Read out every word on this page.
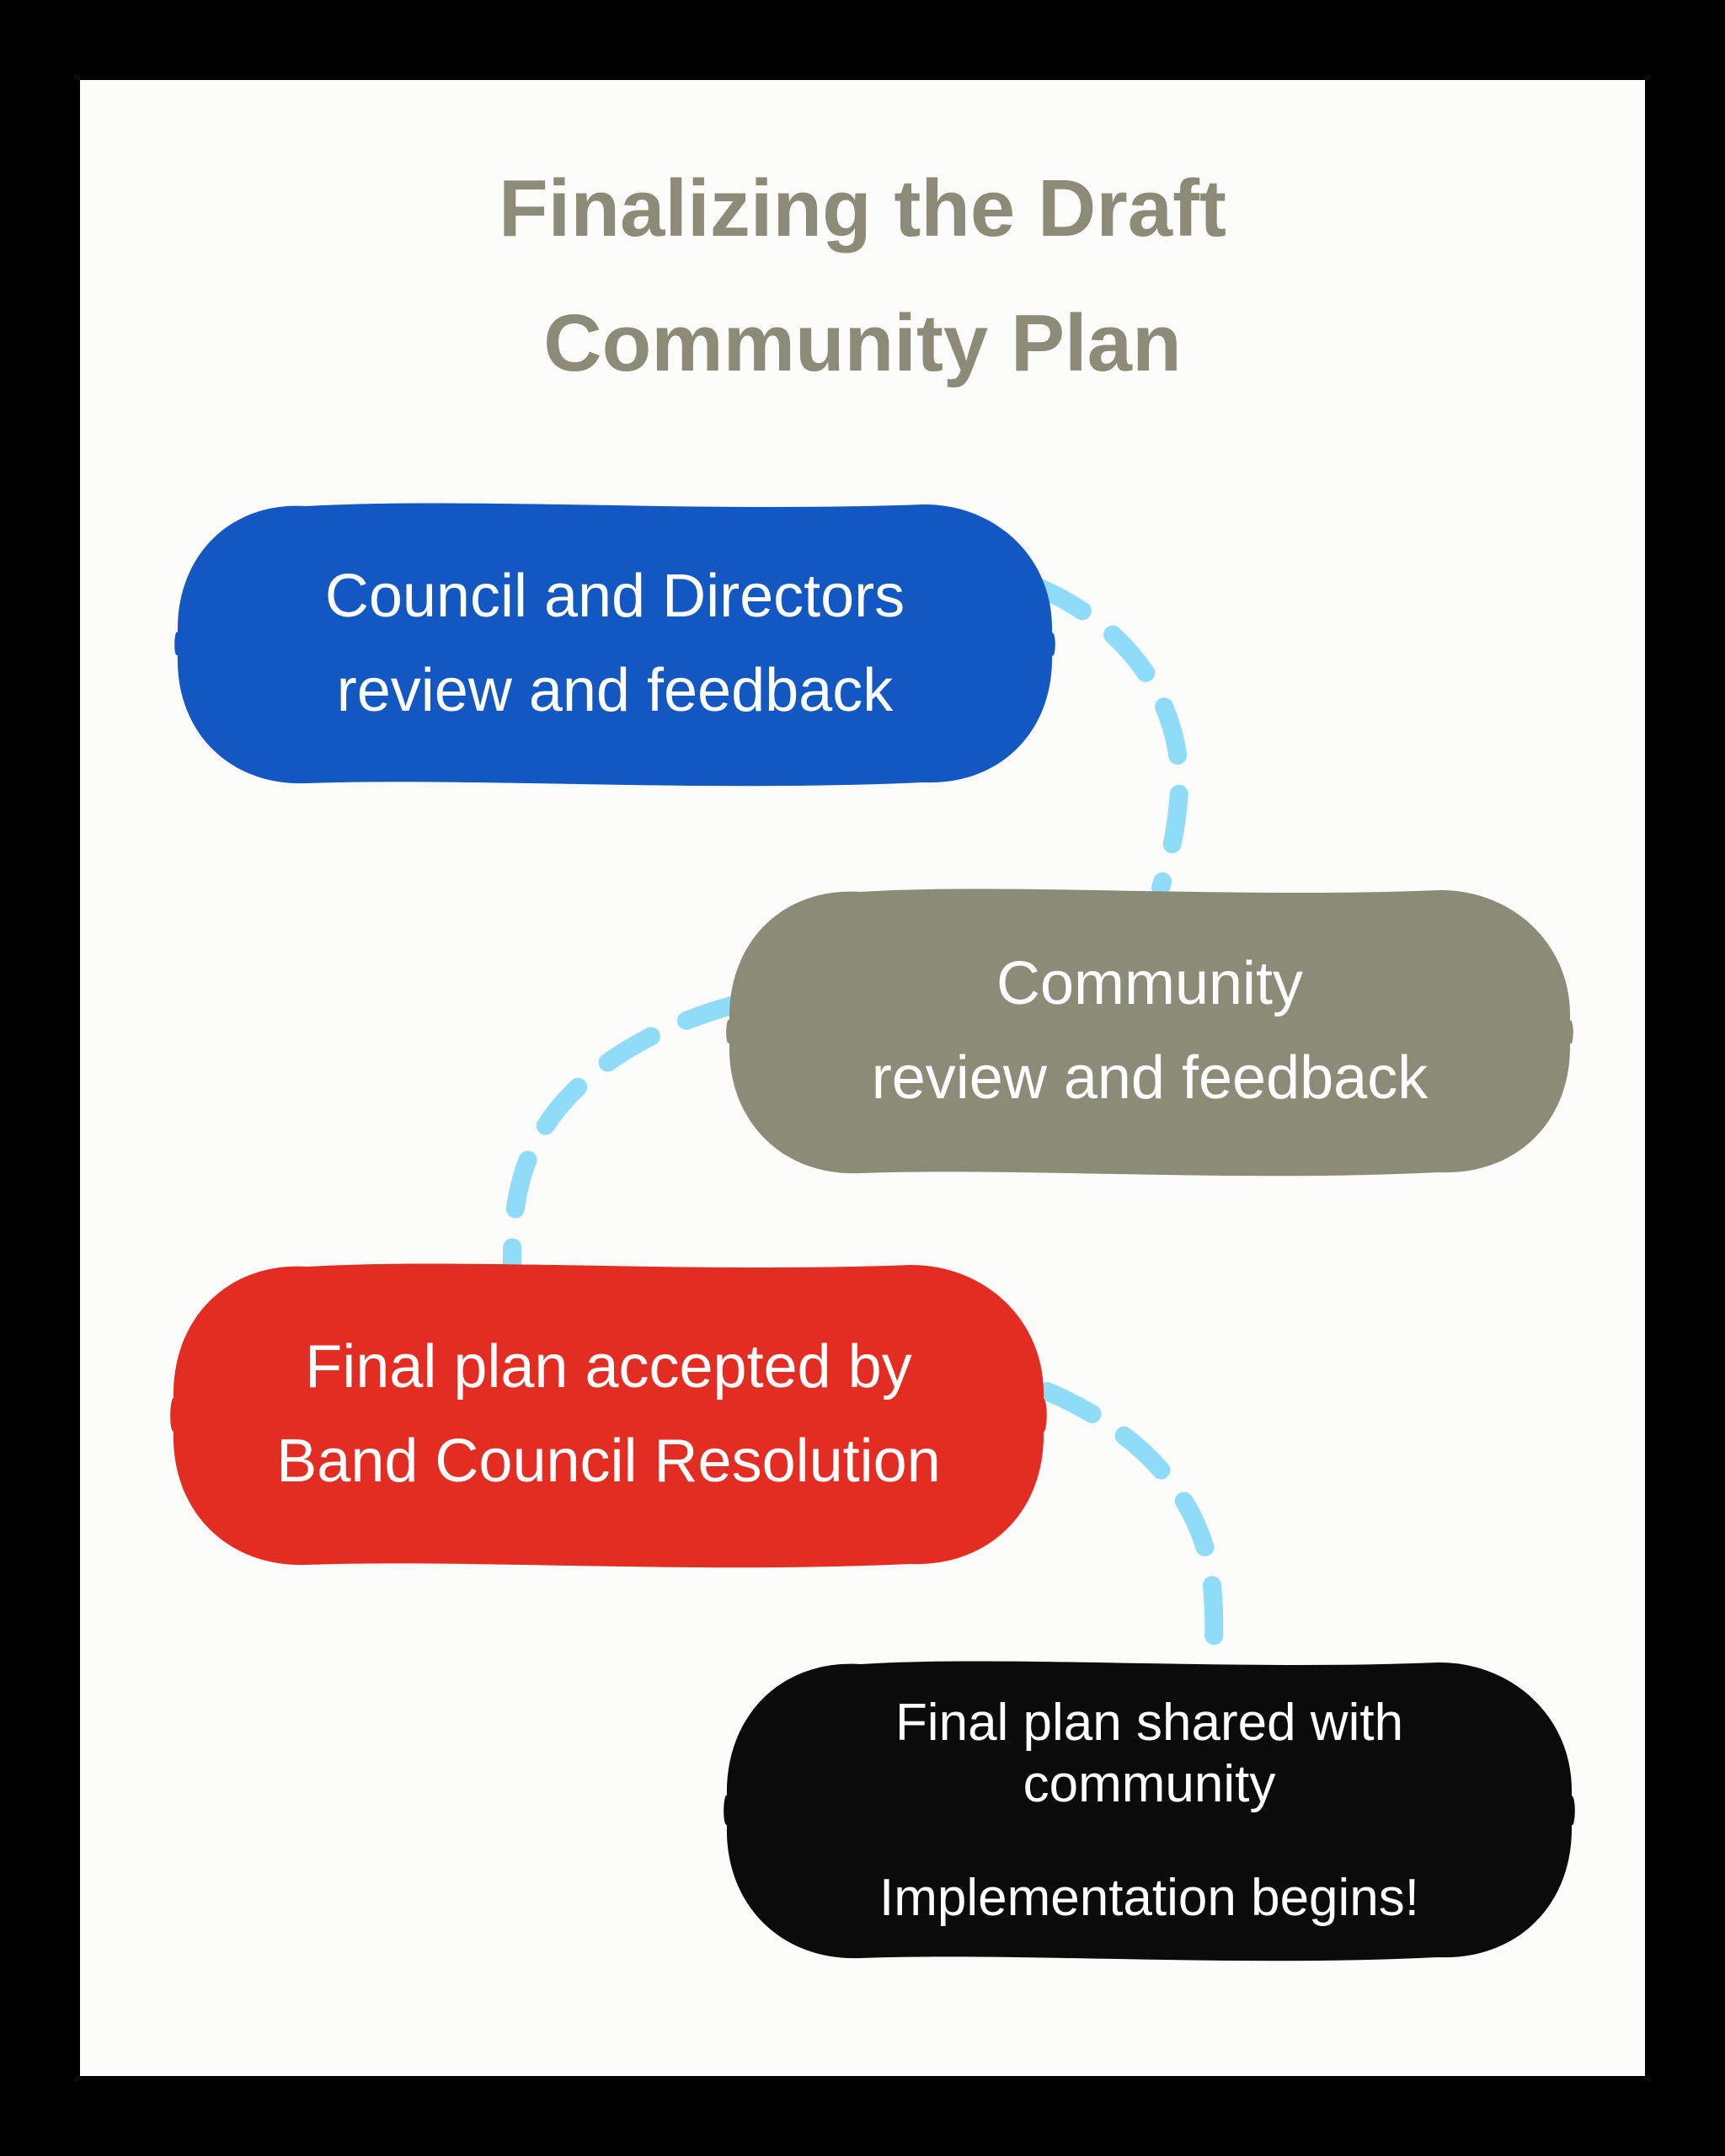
Finalizing the Draft
Community Plan
Council and Directors
review and feedback
Community
review and feedback
Final plan accepted by
Band Council Resolution
Final plan shared with
community
Implementation begins!
